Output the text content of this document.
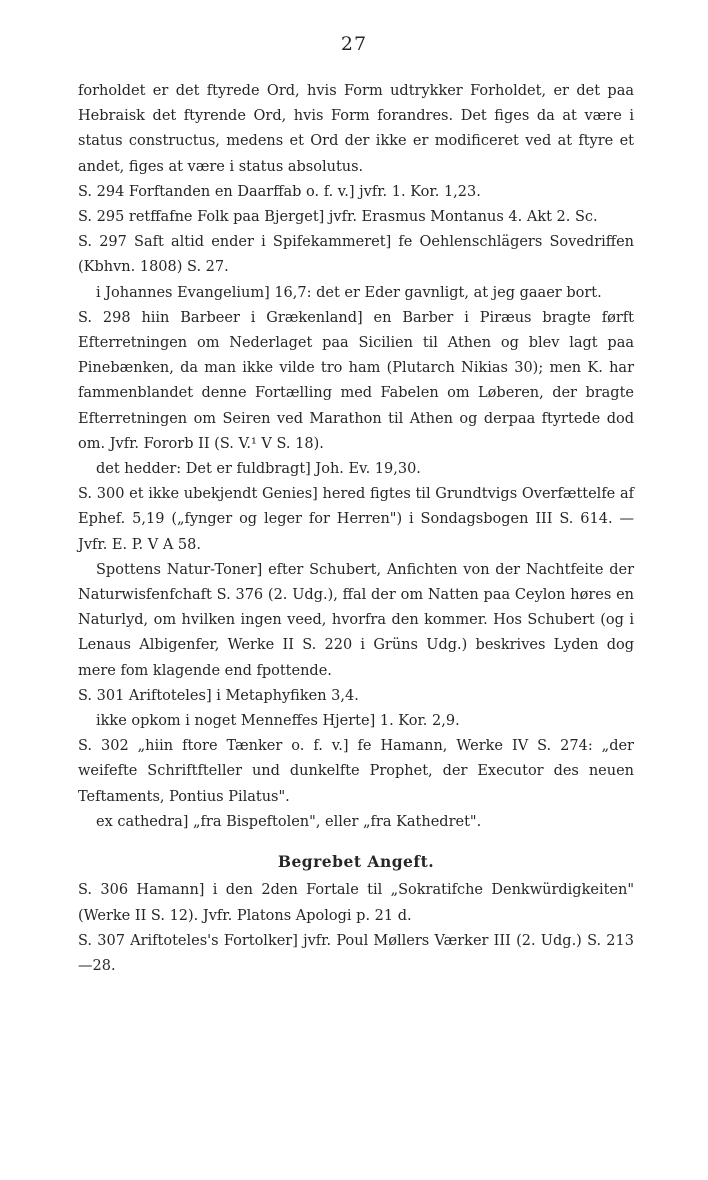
27

forholdet er det ftyrede Ord, hvis Form udtrykker Forholdet, er det paa Hebraisk det ftyrende Ord, hvis Form forandres. Det figes da at være i status constructus, medens et Ord der ikke er modificeret ved at ftyre et andet, figes at være i status absolutus.

S. 294 Forftanden en Daarffab o. f. v.] jvfr. 1. Kor. 1,23.

S. 295 retffafne Folk paa Bjerget] jvfr. Erasmus Montanus 4. Akt 2. Sc.

S. 297 Saft altid ender i Spifekammeret] fe Oehlenschlägers Sovedriffen (Kbhvn. 1808) S. 27.

i Johannes Evangelium] 16,7: det er Eder gavnligt, at jeg gaaer bort.

S. 298 hiin Barbeer i Grækenland] en Barber i Piræus bragte førft Efterretningen om Nederlaget paa Sicilien til Athen og blev lagt paa Pinebænken, da man ikke vilde tro ham (Plutarch Nikias 30); men K. har fammenblandet denne Fortælling med Fabelen om Løberen, der bragte Efterretningen om Seiren ved Marathon til Athen og derpaa ftyrtede dod om. Jvfr. Fororb II (S. V.¹ V S. 18).

det hedder: Det er fuldbragt] Joh. Ev. 19,30.

S. 300 et ikke ubekjendt Genies] hered figtes til Grundtvigs Overfættelfe af Ephef. 5,19 („fynger og leger for Herren") i Sondagsbogen III S. 614. — Jvfr. E. P. V A 58.

Spottens Natur-Toner] efter Schubert, Anfichten von der Nachtfeite der Naturwisfenfchaft S. 376 (2. Udg.), ffal der om Natten paa Ceylon høres en Naturlyd, om hvilken ingen veed, hvorfra den kommer. Hos Schubert (og i Lenaus Albigenfer, Werke II S. 220 i Grüns Udg.) beskrives Lyden dog mere fom klagende end fpottende.

S. 301 Ariftoteles] i Metaphyfiken 3,4.

ikke opkom i noget Menneffes Hjerte] 1. Kor. 2,9.

S. 302 „hiin ftore Tænker o. f. v.] fe Hamann, Werke IV S. 274: „der weifefte Schriftfteller und dunkelfte Prophet, der Executor des neuen Teftaments, Pontius Pilatus".

ex cathedra] „fra Bispeftolen", eller „fra Kathedret".

Begrebet Angeft.

S. 306 Hamann] i den 2den Fortale til „Sokratifche Denkwürdigkeiten" (Werke II S. 12). Jvfr. Platons Apologi p. 21 d.

S. 307 Ariftoteles's Fortolker] jvfr. Poul Møllers Værker III (2. Udg.) S. 213—28.
